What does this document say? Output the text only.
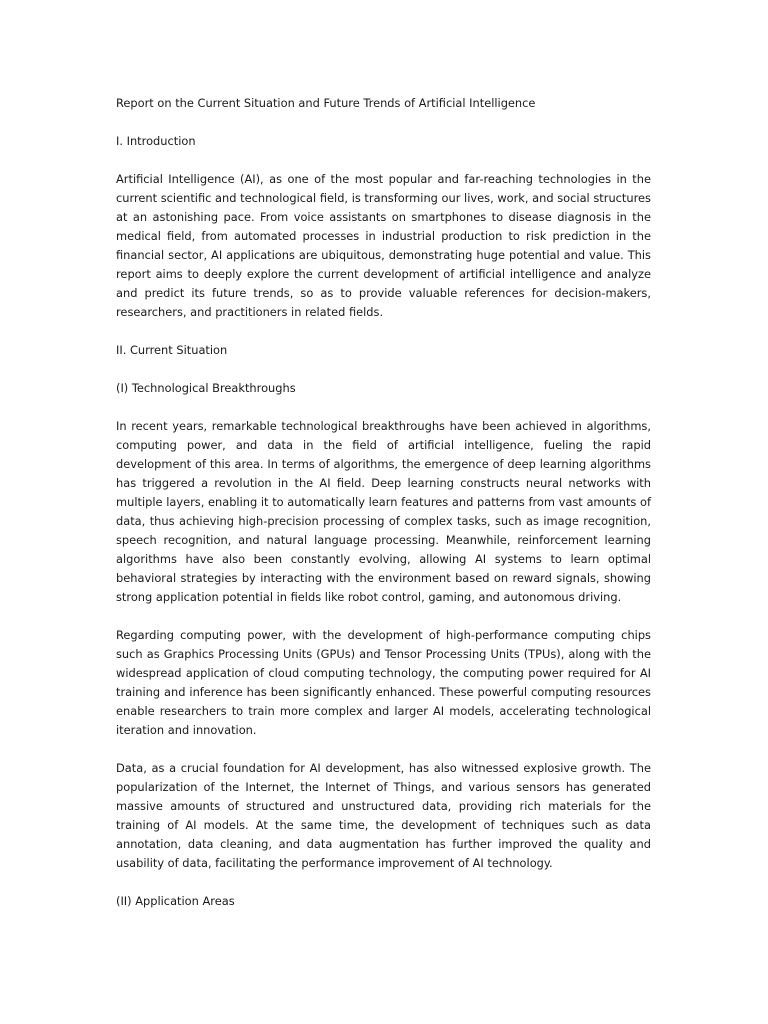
Report on the Current Situation and Future Trends of Artificial Intelligence

I. Introduction

Artificial Intelligence (AI), as one of the most popular and far-reaching technologies in the current scientific and technological field, is transforming our lives, work, and social structures at an astonishing pace. From voice assistants on smartphones to disease diagnosis in the medical field, from automated processes in industrial production to risk prediction in the financial sector, AI applications are ubiquitous, demonstrating huge potential and value. This report aims to deeply explore the current development of artificial intelligence and analyze and predict its future trends, so as to provide valuable references for decision-makers, researchers, and practitioners in related fields.

II. Current Situation

(I) Technological Breakthroughs

In recent years, remarkable technological breakthroughs have been achieved in algorithms, computing power, and data in the field of artificial intelligence, fueling the rapid development of this area. In terms of algorithms, the emergence of deep learning algorithms has triggered a revolution in the AI field. Deep learning constructs neural networks with multiple layers, enabling it to automatically learn features and patterns from vast amounts of data, thus achieving high-precision processing of complex tasks, such as image recognition, speech recognition, and natural language processing. Meanwhile, reinforcement learning algorithms have also been constantly evolving, allowing AI systems to learn optimal behavioral strategies by interacting with the environment based on reward signals, showing strong application potential in fields like robot control, gaming, and autonomous driving.

Regarding computing power, with the development of high-performance computing chips such as Graphics Processing Units (GPUs) and Tensor Processing Units (TPUs), along with the widespread application of cloud computing technology, the computing power required for AI training and inference has been significantly enhanced. These powerful computing resources enable researchers to train more complex and larger AI models, accelerating technological iteration and innovation.

Data, as a crucial foundation for AI development, has also witnessed explosive growth. The popularization of the Internet, the Internet of Things, and various sensors has generated massive amounts of structured and unstructured data, providing rich materials for the training of AI models. At the same time, the development of techniques such as data annotation, data cleaning, and data augmentation has further improved the quality and usability of data, facilitating the performance improvement of AI technology.

(II) Application Areas
